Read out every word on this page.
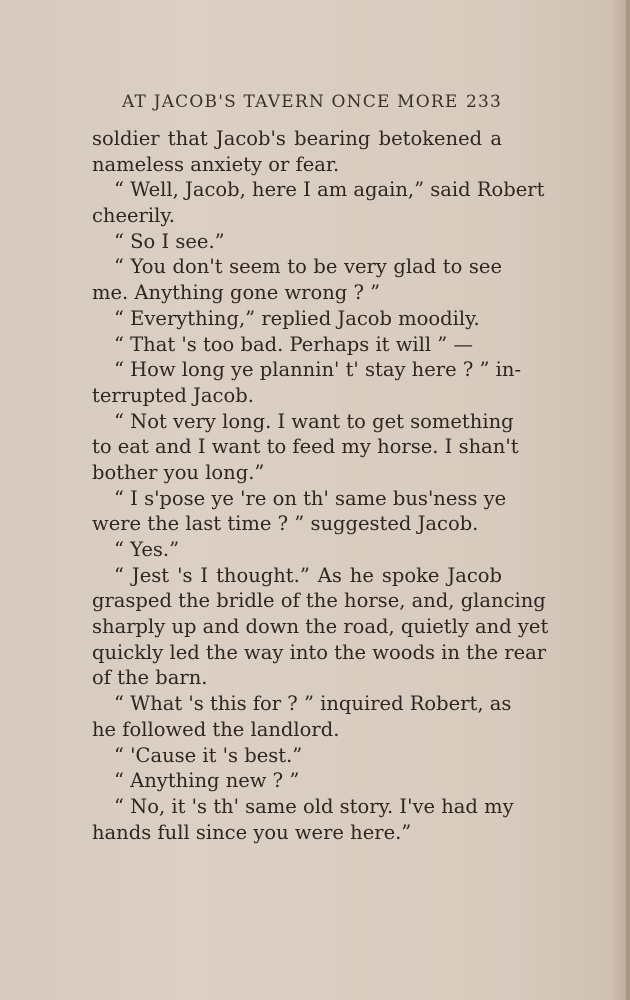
AT JACOB'S TAVERN ONCE MORE 233
soldier that Jacob's bearing betokened a
nameless anxiety or fear.
“ Well, Jacob, here I am again,” said Robert
cheerily.
“ So I see.”
“ You don't seem to be very glad to see
me. Anything gone wrong ? ”
“ Everything,” replied Jacob moodily.
“ That 's too bad. Perhaps it will ” —
“ How long ye plannin' t' stay here ? ” in-
terrupted Jacob.
“ Not very long. I want to get something
to eat and I want to feed my horse. I shan't
bother you long.”
“ I s'pose ye 're on th' same bus'ness ye
were the last time ? ” suggested Jacob.
“ Yes.”
“ Jest 's I thought.” As he spoke Jacob
grasped the bridle of the horse, and, glancing
sharply up and down the road, quietly and yet
quickly led the way into the woods in the rear
of the barn.
“ What 's this for ? ” inquired Robert, as
he followed the landlord.
“ 'Cause it 's best.”
“ Anything new ? ”
“ No, it 's th' same old story. I've had my
hands full since you were here.”
